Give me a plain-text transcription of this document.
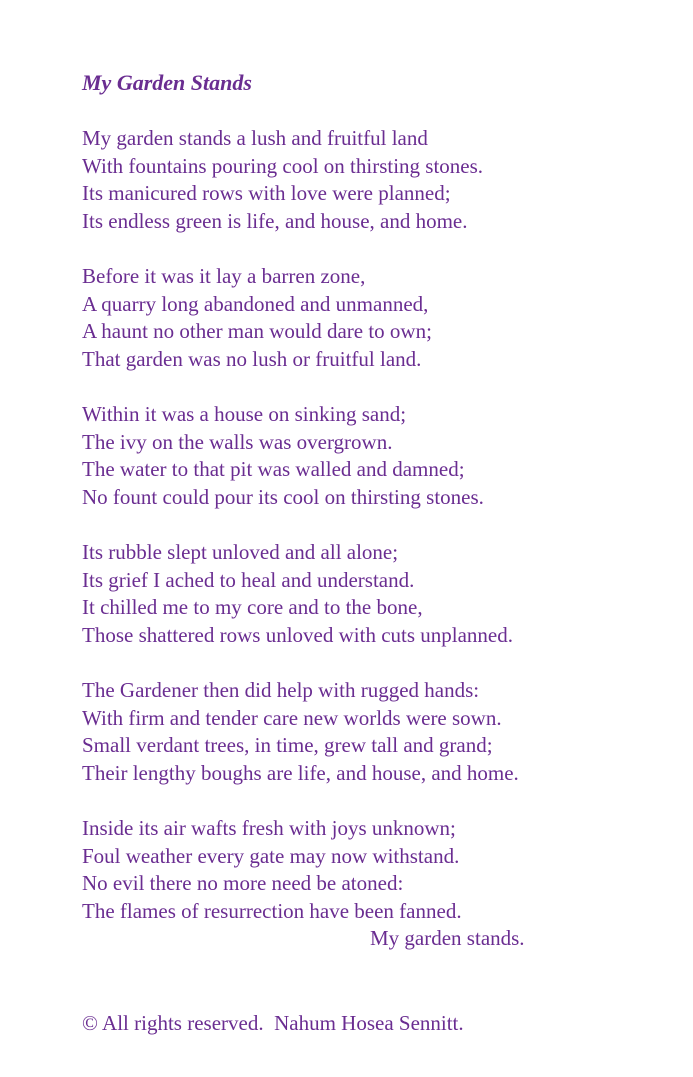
My Garden Stands
My garden stands a lush and fruitful land
With fountains pouring cool on thirsting stones.
Its manicured rows with love were planned;
Its endless green is life, and house, and home.
Before it was it lay a barren zone,
A quarry long abandoned and unmanned,
A haunt no other man would dare to own;
That garden was no lush or fruitful land.
Within it was a house on sinking sand;
The ivy on the walls was overgrown.
The water to that pit was walled and damned;
No fount could pour its cool on thirsting stones.
Its rubble slept unloved and all alone;
Its grief I ached to heal and understand.
It chilled me to my core and to the bone,
Those shattered rows unloved with cuts unplanned.
The Gardener then did help with rugged hands:
With firm and tender care new worlds were sown.
Small verdant trees, in time, grew tall and grand;
Their lengthy boughs are life, and house, and home.
Inside its air wafts fresh with joys unknown;
Foul weather every gate may now withstand.
No evil there no more need be atoned:
The flames of resurrection have been fanned.
My garden stands.
© All rights reserved.  Nahum Hosea Sennitt.
